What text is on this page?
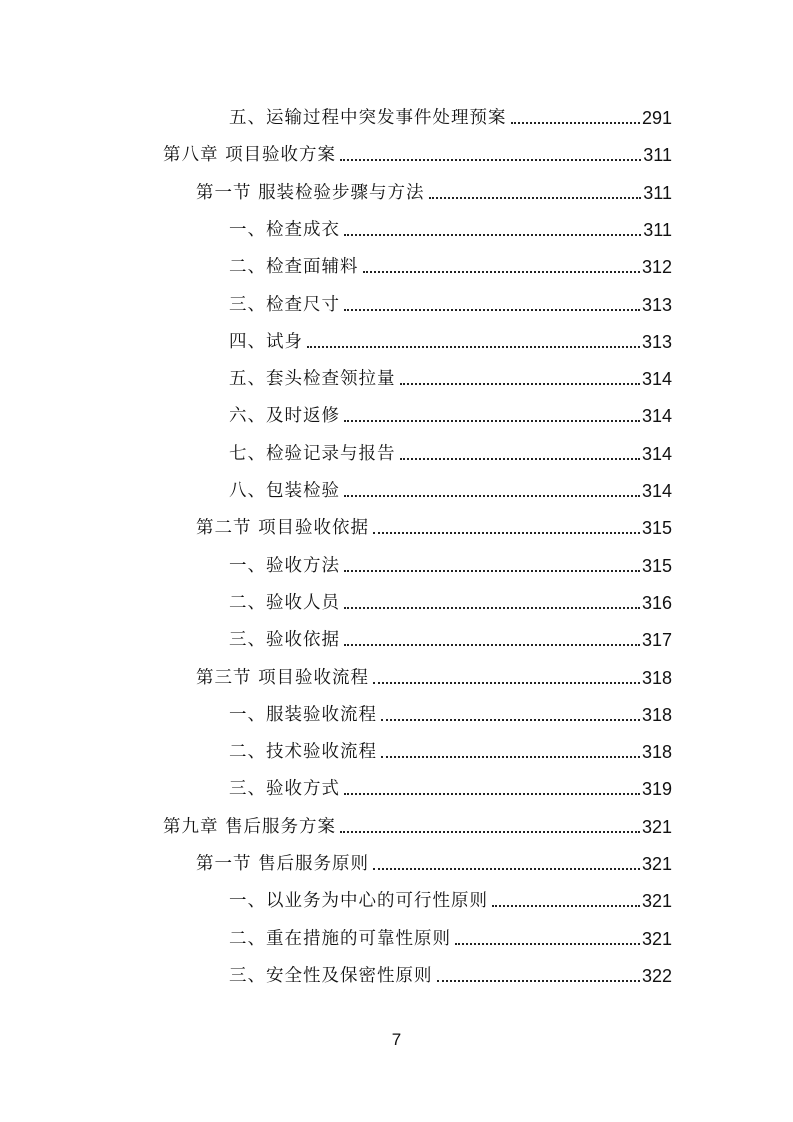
五、运输过程中突发事件处理预案	291
第八章 项目验收方案	311
第一节 服装检验步骤与方法	311
一、检查成衣	311
二、检查面辅料	312
三、检查尺寸	313
四、试身	313
五、套头检查领拉量	314
六、及时返修	314
七、检验记录与报告	314
八、包装检验	314
第二节 项目验收依据	315
一、验收方法	315
二、验收人员	316
三、验收依据	317
第三节 项目验收流程	318
一、服装验收流程	318
二、技术验收流程	318
三、验收方式	319
第九章 售后服务方案	321
第一节 售后服务原则	321
一、以业务为中心的可行性原则	321
二、重在措施的可靠性原则	321
三、安全性及保密性原则	322
7
